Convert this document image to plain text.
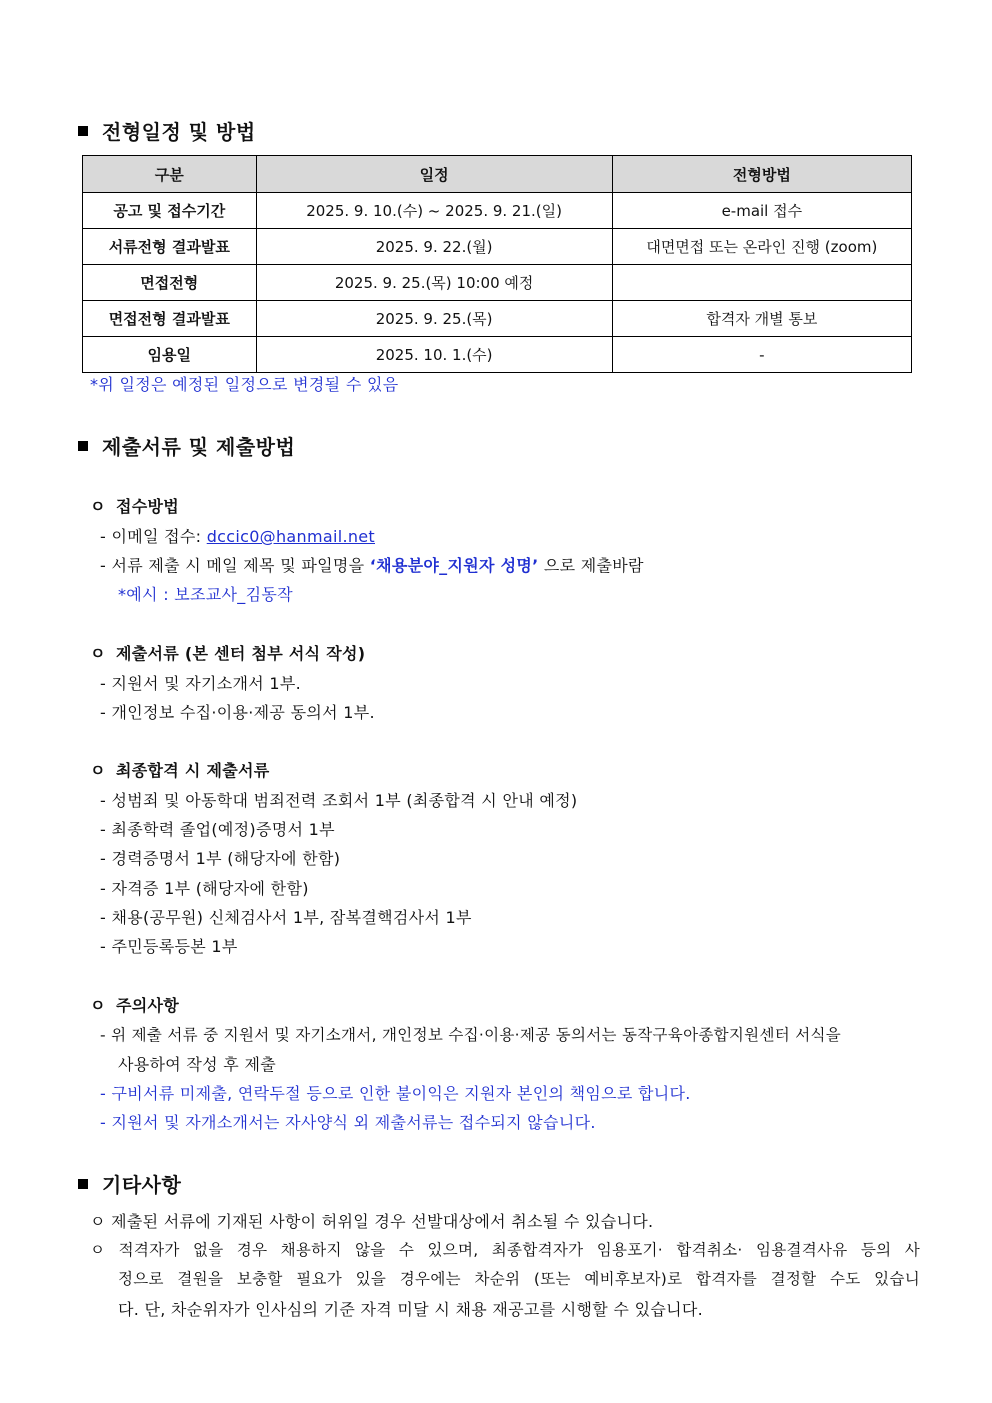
전형일정 및 방법
구분	일정	전형방법
공고 및 접수기간	2025. 9. 10.(수) ~ 2025. 9. 21.(일)	e-mail 접수
서류전형 결과발표	2025. 9. 22.(월)	대면면접 또는 온라인 진행 (zoom)
면접전형	2025. 9. 25.(목) 10:00 예정	
면접전형 결과발표	2025. 9. 25.(목)	합격자 개별 통보
임용일	2025. 10. 1.(수)	-
*위 일정은 예정된 일정으로 변경될 수 있음
제출서류 및 제출방법
ㅇ 접수방법
- 이메일 접수: dccic0@hanmail.net
- 서류 제출 시 메일 제목 및 파일명을 ‘채용분야_지원자 성명’ 으로 제출바람
*예시 : 보조교사_김동작
ㅇ 제출서류 (본 센터 첨부 서식 작성)
- 지원서 및 자기소개서 1부.
- 개인정보 수집·이용·제공 동의서 1부.
ㅇ 최종합격 시 제출서류
- 성범죄 및 아동학대 범죄전력 조회서 1부 (최종합격 시 안내 예정)
- 최종학력 졸업(예정)증명서 1부
- 경력증명서 1부 (해당자에 한함)
- 자격증 1부 (해당자에 한함)
- 채용(공무원) 신체검사서 1부, 잠복결핵검사서 1부
- 주민등록등본 1부
ㅇ 주의사항
- 위 제출 서류 중 지원서 및 자기소개서, 개인정보 수집·이용·제공 동의서는 동작구육아종합지원센터 서식을
사용하여 작성 후 제출
- 구비서류 미제출, 연락두절 등으로 인한 불이익은 지원자 본인의 책임으로 합니다.
- 지원서 및 자개소개서는 자사양식 외 제출서류는 접수되지 않습니다.
기타사항
ㅇ 제출된 서류에 기재된 사항이 허위일 경우 선발대상에서 취소될 수 있습니다.
ㅇ 적격자가 없을 경우 채용하지 않을 수 있으며, 최종합격자가 임용포기· 합격취소· 임용결격사유 등의 사
정으로 결원을 보충할 필요가 있을 경우에는 차순위 (또는 예비후보자)로 합격자를 결정할 수도 있습니
다. 단, 차순위자가 인사심의 기준 자격 미달 시 채용 재공고를 시행할 수 있습니다.
